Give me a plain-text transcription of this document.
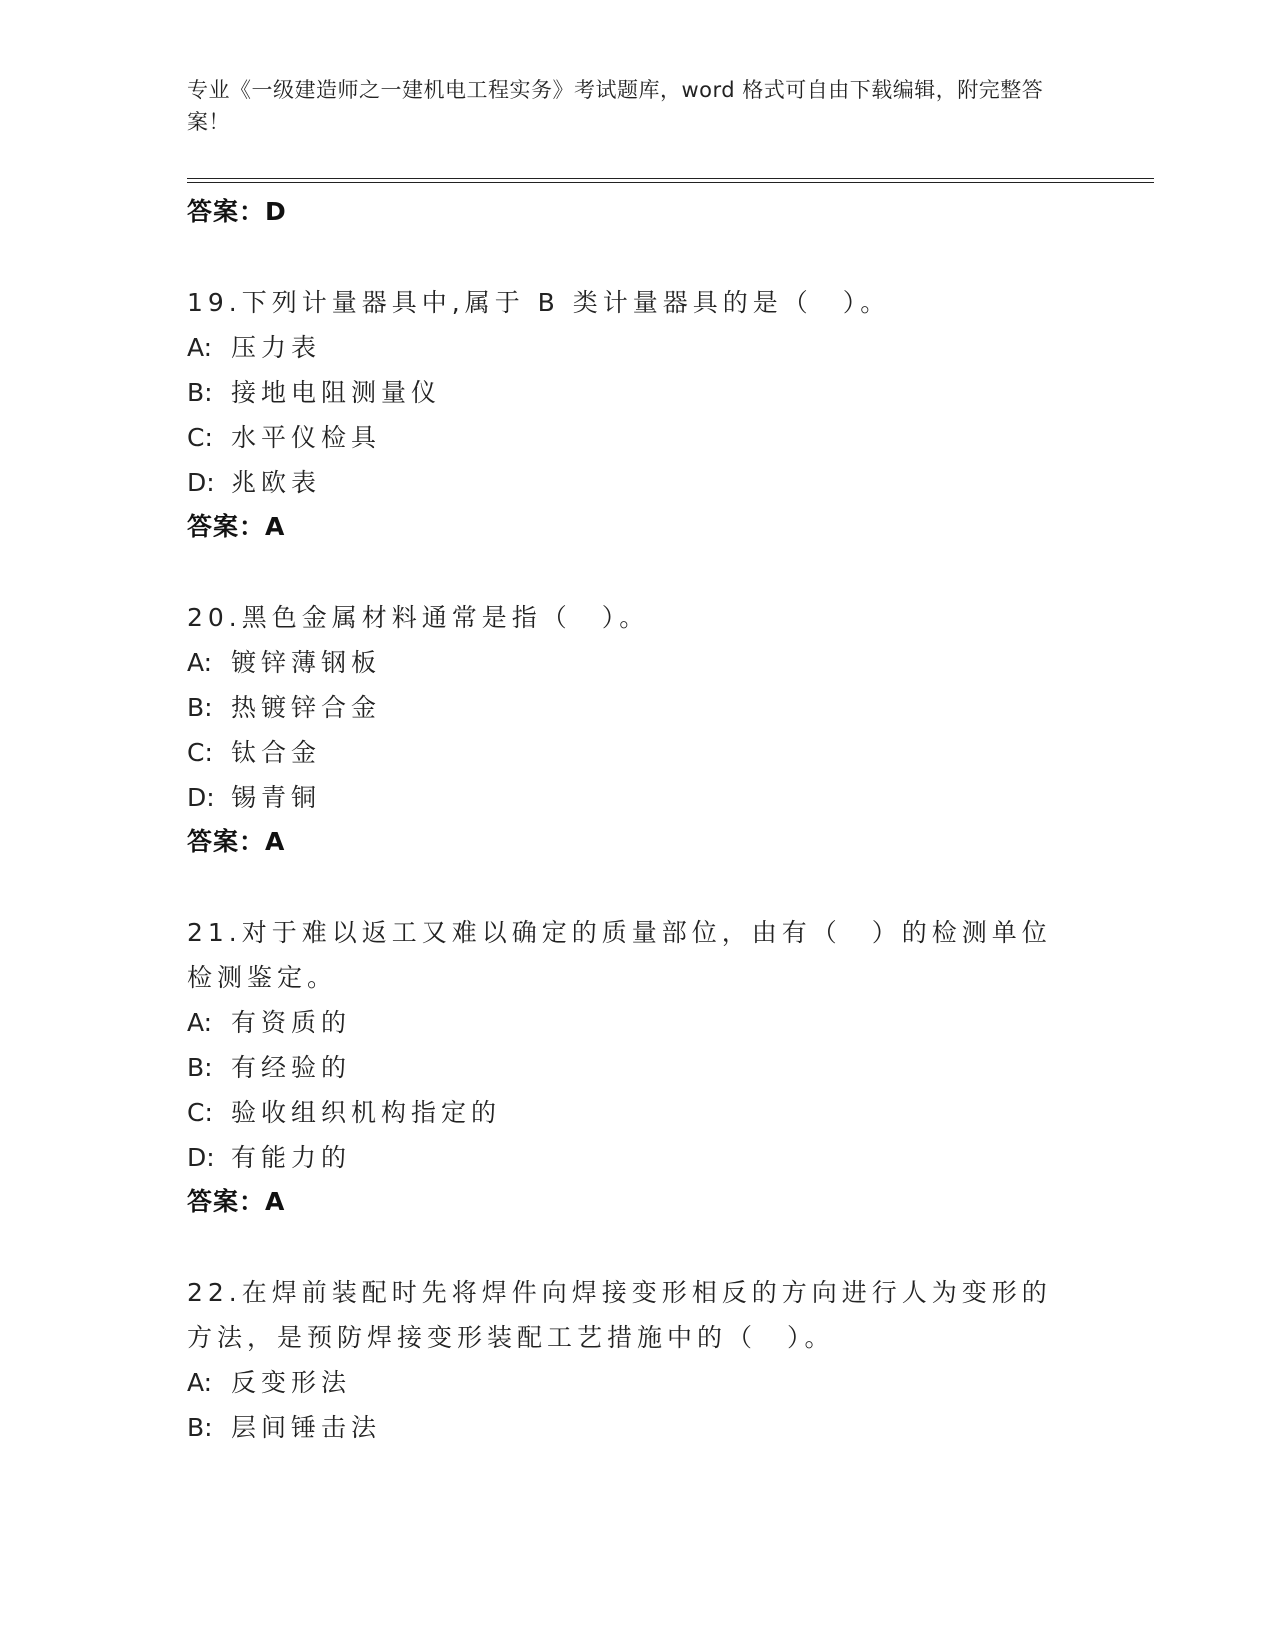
专业《一级建造师之一建机电工程实务》考试题库，word 格式可自由下载编辑，附完整答案！
答案：D
19.下列计量器具中,属于 B 类计量器具的是（　）。
A: 压力表
B: 接地电阻测量仪
C: 水平仪检具
D: 兆欧表
答案：A
20.黑色金属材料通常是指（　）。
A: 镀锌薄钢板
B: 热镀锌合金
C: 钛合金
D: 锡青铜
答案：A
21.对于难以返工又难以确定的质量部位，由有（　）的检测单位检测鉴定。
A: 有资质的
B: 有经验的
C: 验收组织机构指定的
D: 有能力的
答案：A
22.在焊前装配时先将焊件向焊接变形相反的方向进行人为变形的方法，是预防焊接变形装配工艺措施中的（　）。
A: 反变形法
B: 层间锤击法
